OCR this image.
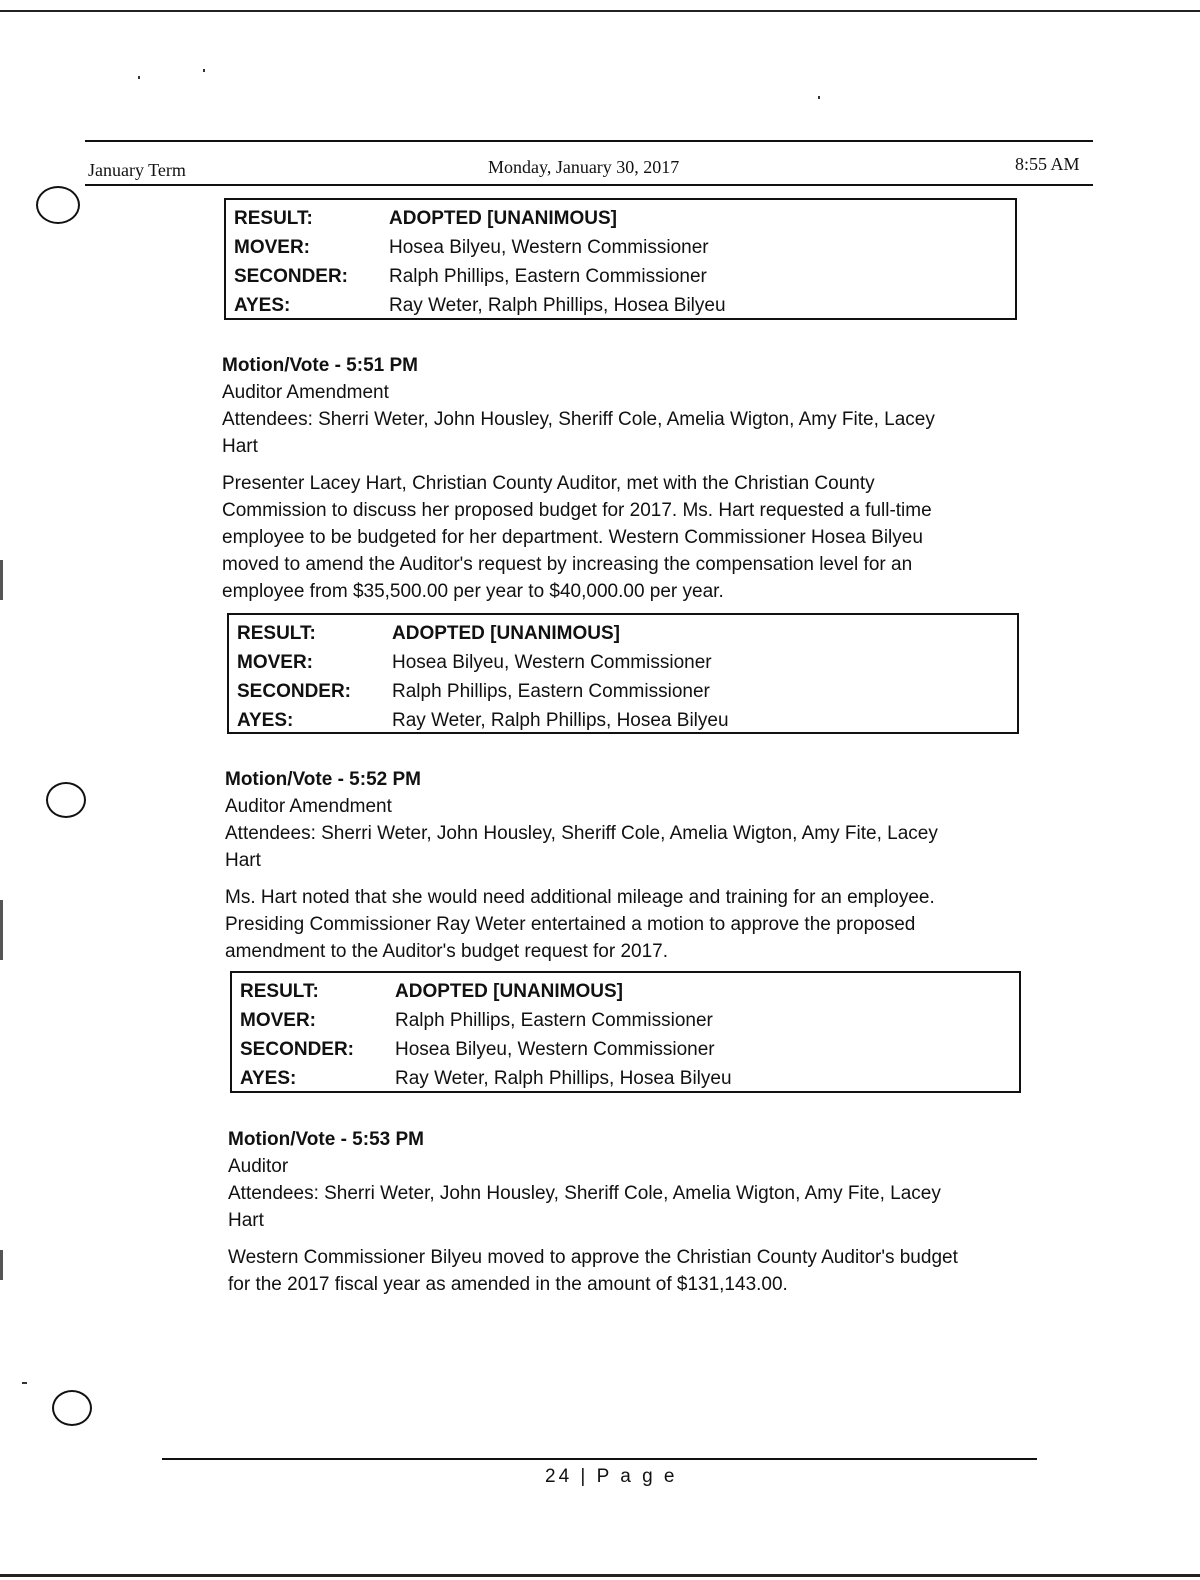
January Term	Monday, January 30, 2017	8:55 AM
RESULT:	ADOPTED [UNANIMOUS]
MOVER:	Hosea Bilyeu, Western Commissioner
SECONDER:	Ralph Phillips, Eastern Commissioner
AYES:	Ray Weter, Ralph Phillips, Hosea Bilyeu
Motion/Vote - 5:51 PM
Auditor Amendment
Attendees: Sherri Weter, John Housley, Sheriff Cole, Amelia Wigton, Amy Fite, Lacey
Hart
Presenter Lacey Hart, Christian County Auditor, met with the Christian County
Commission to discuss her proposed budget for 2017. Ms. Hart requested a full-time
employee to be budgeted for her department. Western Commissioner Hosea Bilyeu
moved to amend the Auditor's request by increasing the compensation level for an
employee from $35,500.00 per year to $40,000.00 per year.
RESULT:	ADOPTED [UNANIMOUS]
MOVER:	Hosea Bilyeu, Western Commissioner
SECONDER:	Ralph Phillips, Eastern Commissioner
AYES:	Ray Weter, Ralph Phillips, Hosea Bilyeu
Motion/Vote - 5:52 PM
Auditor Amendment
Attendees: Sherri Weter, John Housley, Sheriff Cole, Amelia Wigton, Amy Fite, Lacey
Hart
Ms. Hart noted that she would need additional mileage and training for an employee.
Presiding Commissioner Ray Weter entertained a motion to approve the proposed
amendment to the Auditor's budget request for 2017.
RESULT:	ADOPTED [UNANIMOUS]
MOVER:	Ralph Phillips, Eastern Commissioner
SECONDER:	Hosea Bilyeu, Western Commissioner
AYES:	Ray Weter, Ralph Phillips, Hosea Bilyeu
Motion/Vote - 5:53 PM
Auditor
Attendees: Sherri Weter, John Housley, Sheriff Cole, Amelia Wigton, Amy Fite, Lacey
Hart
Western Commissioner Bilyeu moved to approve the Christian County Auditor's budget
for the 2017 fiscal year as amended in the amount of $131,143.00.
24 | P a g e
